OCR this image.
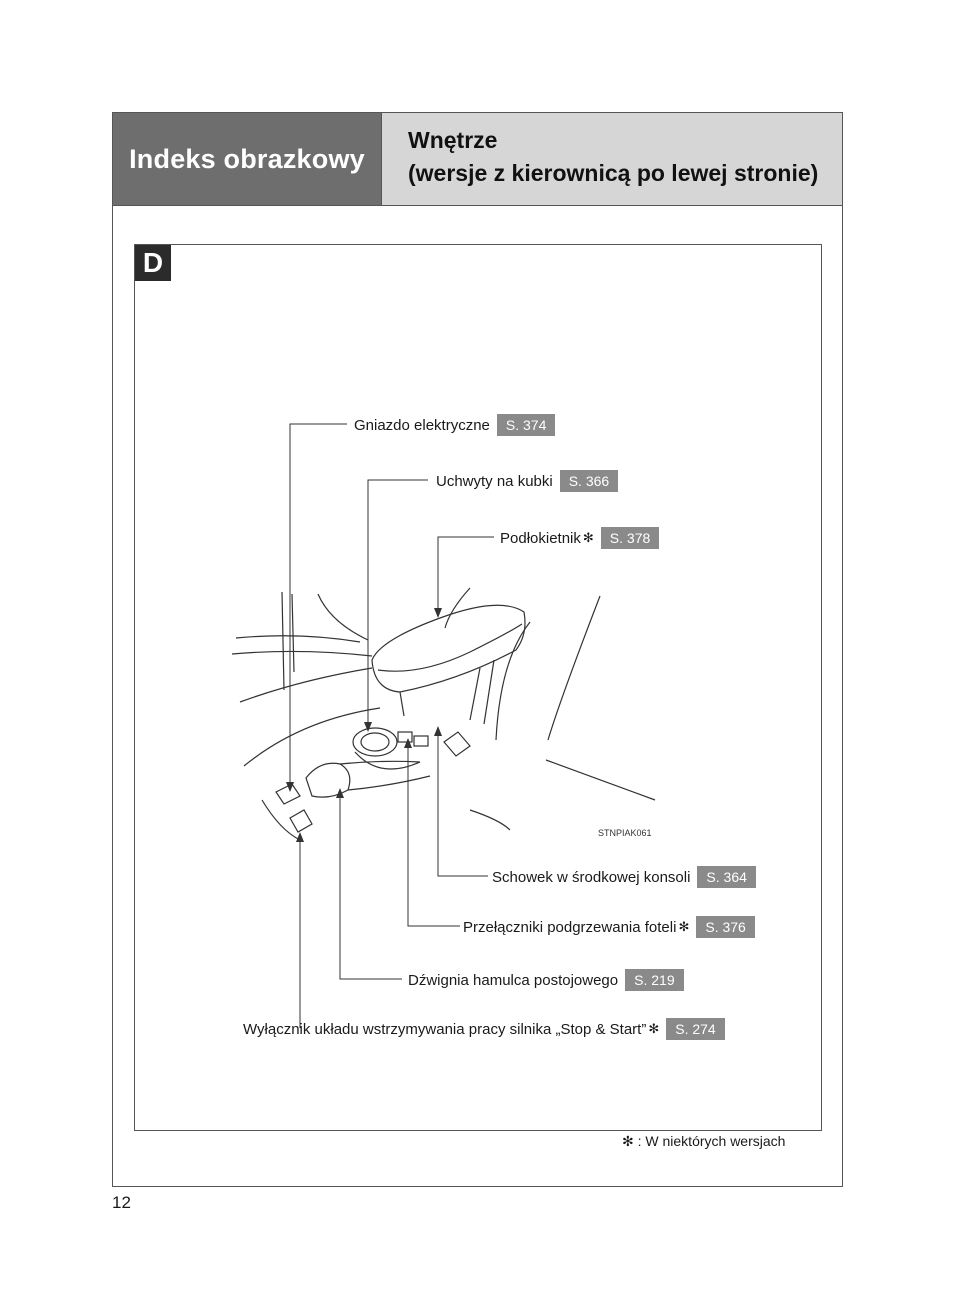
Indeks obrazkowy
Wnętrze
(wersje z kierownicą po lewej stronie)
D
Gniazdo elektryczne	S. 374
Uchwyty na kubki	S. 366
Podłokietnik ✻	S. 378
STNPIAK061
Schowek w środkowej konsoli	S. 364
Przełączniki podgrzewania foteli ✻	S. 376
Dźwignia hamulca postojowego	S. 219
Wyłącznik układu wstrzymywania pracy silnika „Stop & Start” ✻	S. 274
✻ : W niektórych wersjach
12
